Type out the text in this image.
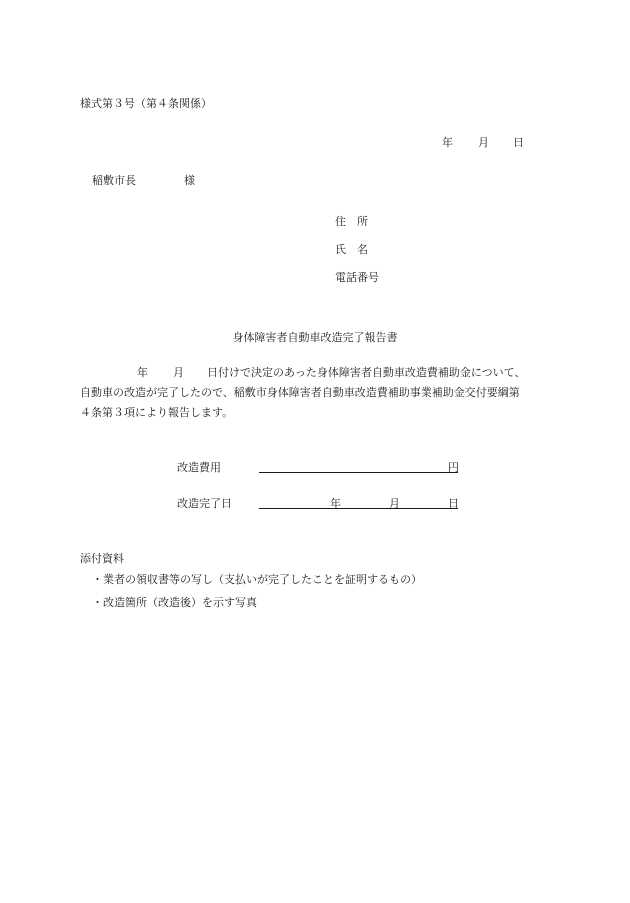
様式第３号（第４条関係）
年 月 日
稲敷市長	様
住　所
氏　名
電話番号
身体障害者自動車改造完了報告書
年 月 日付けで決定のあった身体障害者自動車改造費補助金について、
自動車の改造が完了したので、稲敷市身体障害者自動車改造費補助事業補助金交付要綱第
４条第３項により報告します。
改造費用	円
改造完了日	年	月	日
添付資料
・業者の領収書等の写し（支払いが完了したことを証明するもの）
・改造箇所（改造後）を示す写真
